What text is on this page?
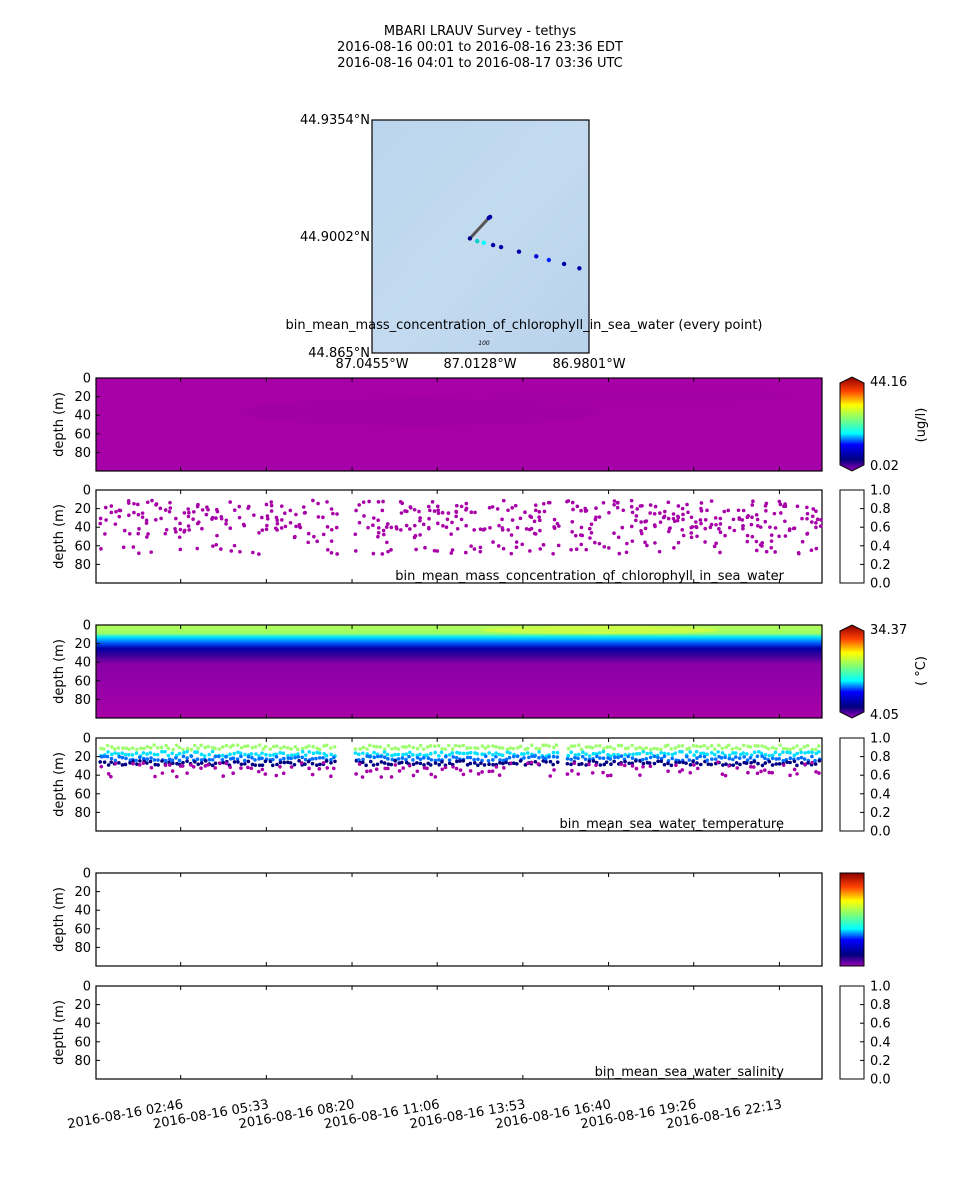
MBARI LRAUV Survey - tethys
2016-08-16 00:01 to 2016-08-16 23:36 EDT
2016-08-16 04:01 to 2016-08-17 03:36 UTC
44.9354°N
44.9002°N
44.865°N
87.0455°W	87.0128°W	86.9801°W
100
bin_mean_mass_concentration_of_chlorophyll_in_sea_water (every point)
44.16
0.02
(ug/l)
bin_mean_mass_concentration_of_chlorophyll_in_sea_water	0.0
0.2
0.4
0.6
0.8
1.0
34.37
4.05
( °C)
bin_mean_sea_water_temperature	0.0
0.2
0.4
0.6
0.8
1.0
bin_mean_sea_water_salinity	0.0
0.2
0.4
0.6
0.8
1.0
0
20
40
60
80
depth (m)
0
20
40
60
80
depth (m)
0
20
40
60
80
depth (m)
0
20
40
60
80
depth (m)
0
20
40
60
80
depth (m)
0
20
40
60
80
depth (m)
2016-08-16 02:46
2016-08-16 05:33
2016-08-16 08:20
2016-08-16 11:06
2016-08-16 13:53
2016-08-16 16:40
2016-08-16 19:26
2016-08-16 22:13
